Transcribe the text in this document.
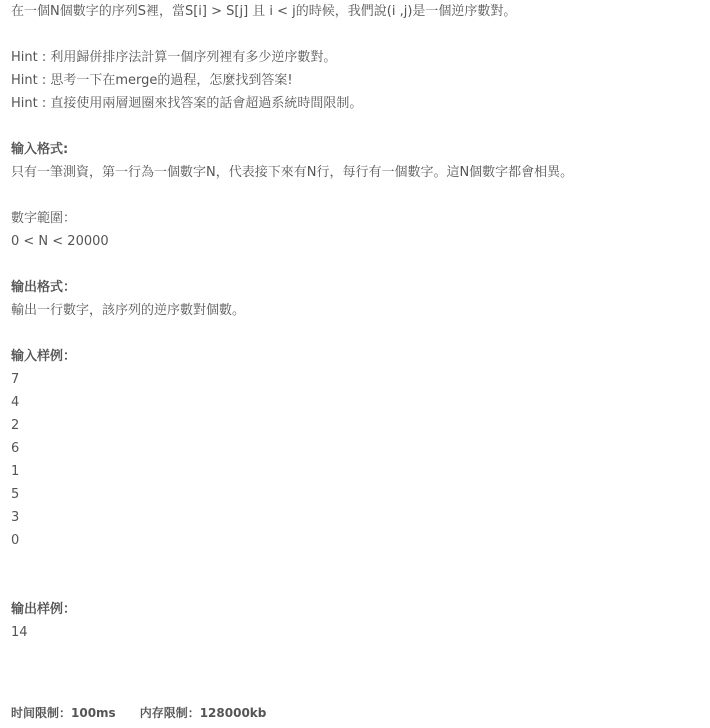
在一個N個數字的序列S裡，當S[i] > S[j] 且 i < j的時候，我們說(i ,j)是一個逆序數對。
Hint : 利用歸併排序法計算一個序列裡有多少逆序數對。
Hint : 思考一下在merge的過程，怎麼找到答案!
Hint : 直接使用兩層迴圈來找答案的話會超過系統時間限制。
输入格式:
只有一筆測資，第一行為一個數字N，代表接下來有N行，每行有一個數字。這N個數字都會相異。
數字範圍：
0 < N < 20000
输出格式：
輸出一行數字，該序列的逆序數對個數。
输入样例：
7
4
2
6
1
5
3
0
输出样例：
14
时间限制：100ms 内存限制：128000kb
